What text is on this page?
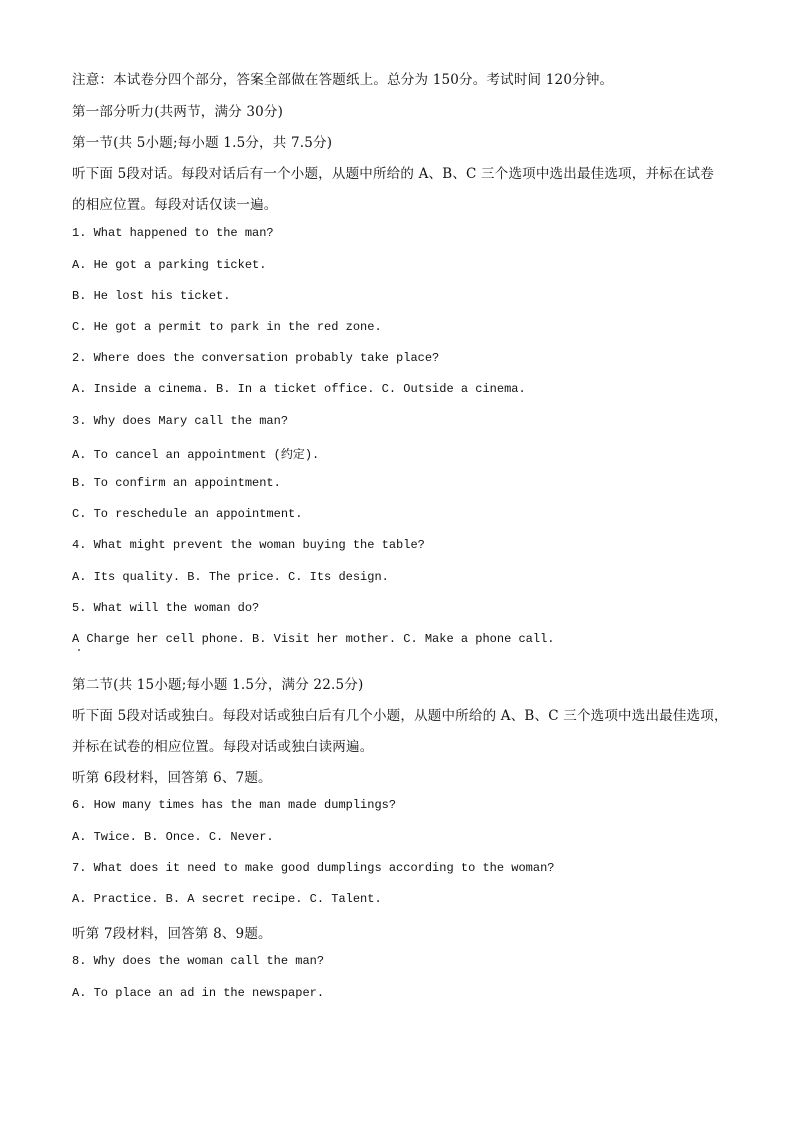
注意：本试卷分四个部分，答案全部做在答题纸上。总分为 150分。考试时间 120分钟。
第一部分听力(共两节，满分 30分)
第一节(共 5小题;每小题 1.5分，共 7.5分)
听下面 5段对话。每段对话后有一个小题，从题中所给的 A、B、C 三个选项中选出最佳选项，并标在试卷
的相应位置。每段对话仅读一遍。
1. What happened to the man?
A. He got a parking ticket.
B. He lost his ticket.
C. He got a permit to park in the red zone.
2. Where does the conversation probably take place?
A. Inside a cinema. B. In a ticket office. C. Outside a cinema.
3. Why does Mary call the man?
A. To cancel an appointment (约定).
B. To confirm an appointment.
C. To reschedule an appointment.
4. What might prevent the woman buying the table?
A. Its quality. B. The price. C. Its design.
5. What will the woman do?
A Charge her cell phone. B. Visit her mother. C. Make a phone call.
第二节(共 15小题;每小题 1.5分，满分 22.5分)
听下面 5段对话或独白。每段对话或独白后有几个小题，从题中所给的 A、B、C 三个选项中选出最佳选项，
并标在试卷的相应位置。每段对话或独白读两遍。
听第 6段材料，回答第 6、7题。
6. How many times has the man made dumplings?
A. Twice. B. Once. C. Never.
7. What does it need to make good dumplings according to the woman?
A. Practice. B. A secret recipe. C. Talent.
听第 7段材料，回答第 8、9题。
8. Why does the woman call the man?
A. To place an ad in the newspaper.
